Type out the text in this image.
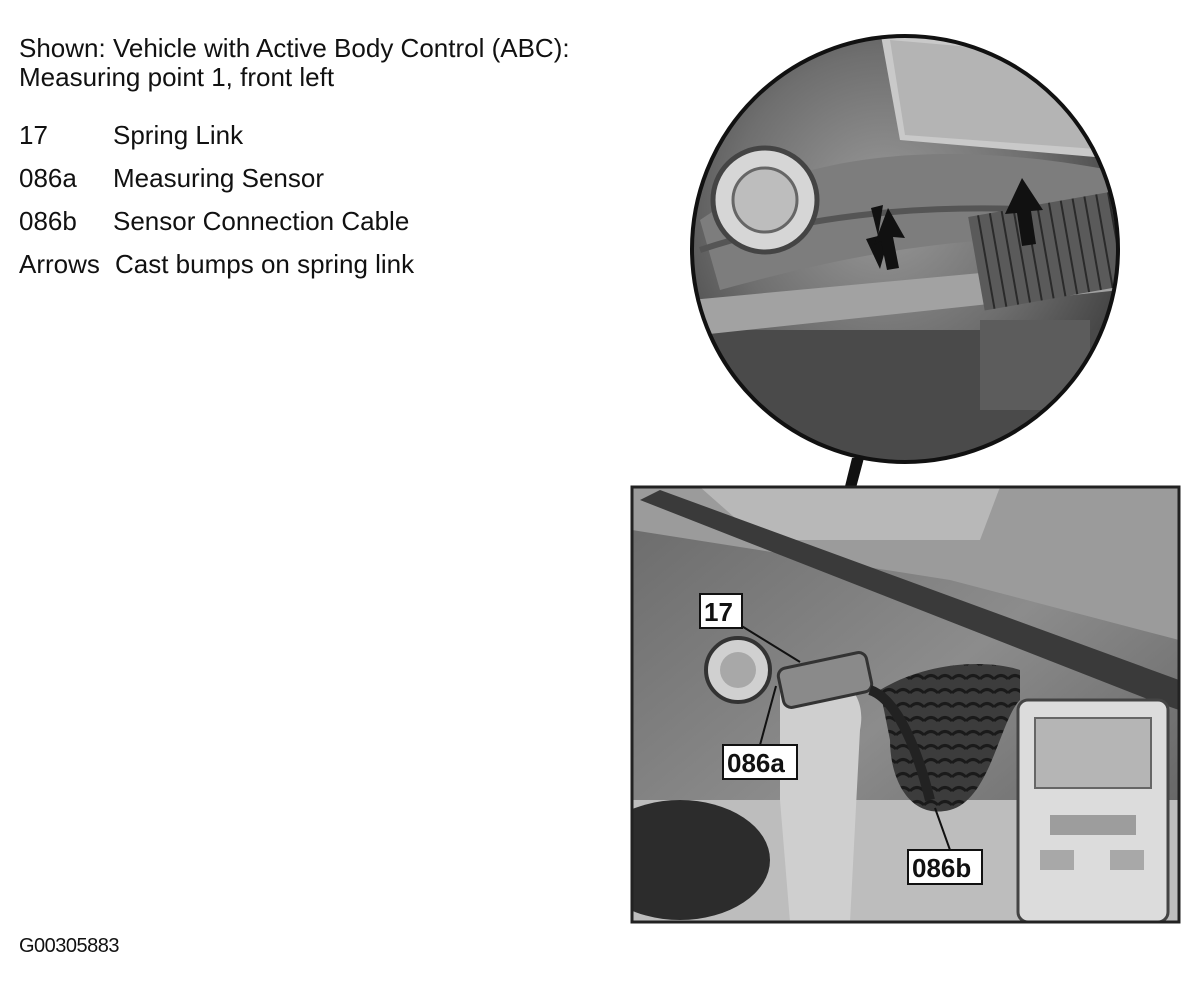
Shown: Vehicle with Active Body Control (ABC):
Measuring point 1, front left
17	Spring Link
086a Measuring Sensor
086b Sensor Connection Cable
Arrows Cast bumps on spring link
17
086a
086b
G00305883
